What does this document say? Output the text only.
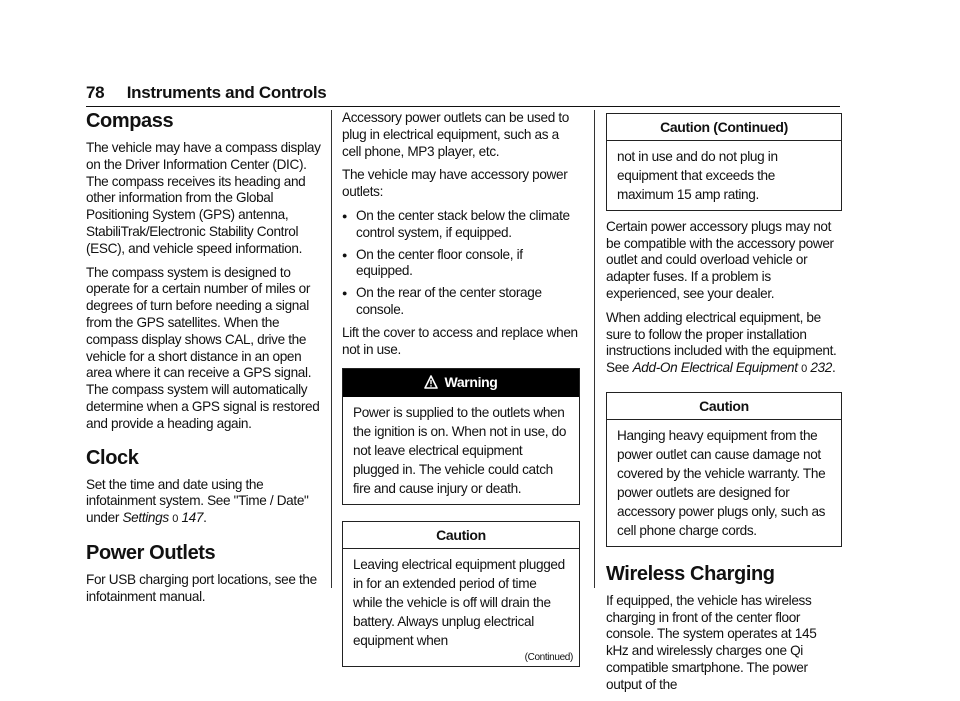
78 Instruments and Controls
Compass

The vehicle may have a compass display on the Driver Information Center (DIC). The compass receives its heading and other information from the Global Positioning System (GPS) antenna, StabiliTrak/Electronic Stability Control (ESC), and vehicle speed information.

The compass system is designed to operate for a certain number of miles or degrees of turn before needing a signal from the GPS satellites. When the compass display shows CAL, drive the vehicle for a short distance in an open area where it can receive a GPS signal. The compass system will automatically determine when a GPS signal is restored and provide a heading again.

Clock

Set the time and date using the infotainment system. See "Time / Date" under Settings 0 147.

Power Outlets

For USB charging port locations, see the infotainment manual.

Accessory power outlets can be used to plug in electrical equipment, such as a cell phone, MP3 player, etc.

The vehicle may have accessory power outlets:

● On the center stack below the climate control system, if equipped.
● On the center floor console, if equipped.
● On the rear of the center storage console.

Lift the cover to access and replace when not in use.

Warning
Power is supplied to the outlets when the ignition is on. When not in use, do not leave electrical equipment plugged in. The vehicle could catch fire and cause injury or death.
Caution
Leaving electrical equipment plugged in for an extended period of time while the vehicle is off will drain the battery. Always unplug electrical equipment when
(Continued)
Caution (Continued)
not in use and do not plug in equipment that exceeds the maximum 15 amp rating.

Certain power accessory plugs may not be compatible with the accessory power outlet and could overload vehicle or adapter fuses. If a problem is experienced, see your dealer.

When adding electrical equipment, be sure to follow the proper installation instructions included with the equipment. See Add-On Electrical Equipment 0 232.

Caution
Hanging heavy equipment from the power outlet can cause damage not covered by the vehicle warranty. The power outlets are designed for accessory power plugs only, such as cell phone charge cords.
Wireless Charging

If equipped, the vehicle has wireless charging in front of the center floor console. The system operates at 145 kHz and wirelessly charges one Qi compatible smartphone. The power output of the
